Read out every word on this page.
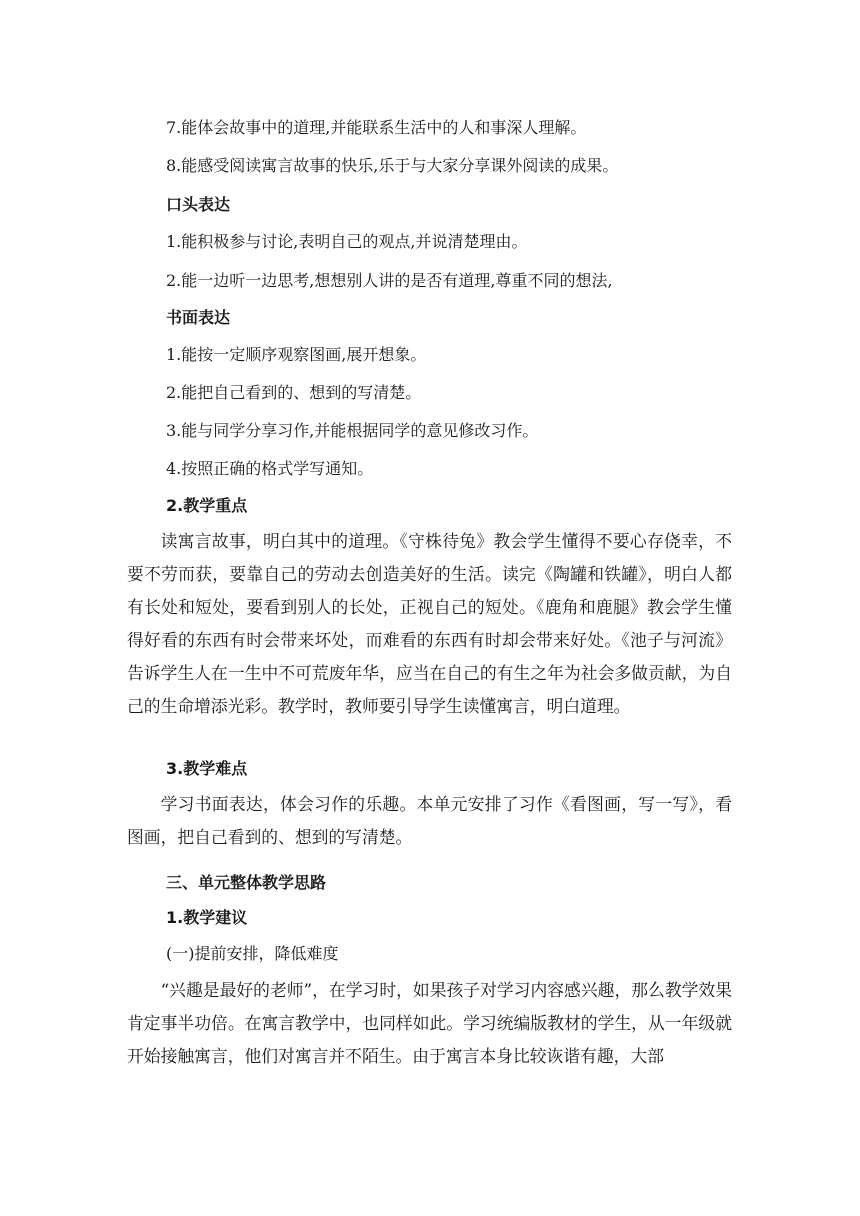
7.能体会故事中的道理,并能联系生活中的人和事深人理解。
8.能感受阅读寓言故事的快乐,乐于与大家分享课外阅读的成果。
口头表达
1.能积极参与讨论,表明自己的观点,并说清楚理由。
2.能一边听一边思考,想想别人讲的是否有道理,尊重不同的想法,
书面表达
1.能按一定顺序观察图画,展开想象。
2.能把自己看到的、想到的写清楚。
3.能与同学分享习作,并能根据同学的意见修改习作。
4.按照正确的格式学写通知。
2.教学重点
读寓言故事，明白其中的道理。《守株待兔》教会学生懂得不要心存侥幸，不要不劳而获，要靠自己的劳动去创造美好的生活。读完《陶罐和铁罐》，明白人都有长处和短处，要看到别人的长处，正视自己的短处。《鹿角和鹿腿》教会学生懂得好看的东西有时会带来坏处，而难看的东西有时却会带来好处。《池子与河流》告诉学生人在一生中不可荒废年华，应当在自己的有生之年为社会多做贡献，为自己的生命增添光彩。教学时，教师要引导学生读懂寓言，明白道理。
3.教学难点
学习书面表达，体会习作的乐趣。本单元安排了习作《看图画，写一写》，看图画，把自己看到的、想到的写清楚。
三、单元整体教学思路
1.教学建议
(一)提前安排，降低难度
“兴趣是最好的老师”，在学习时，如果孩子对学习内容感兴趣，那么教学效果肯定事半功倍。在寓言教学中，也同样如此。学习统编版教材的学生，从一年级就开始接触寓言，他们对寓言并不陌生。由于寓言本身比较诙谐有趣，大部
